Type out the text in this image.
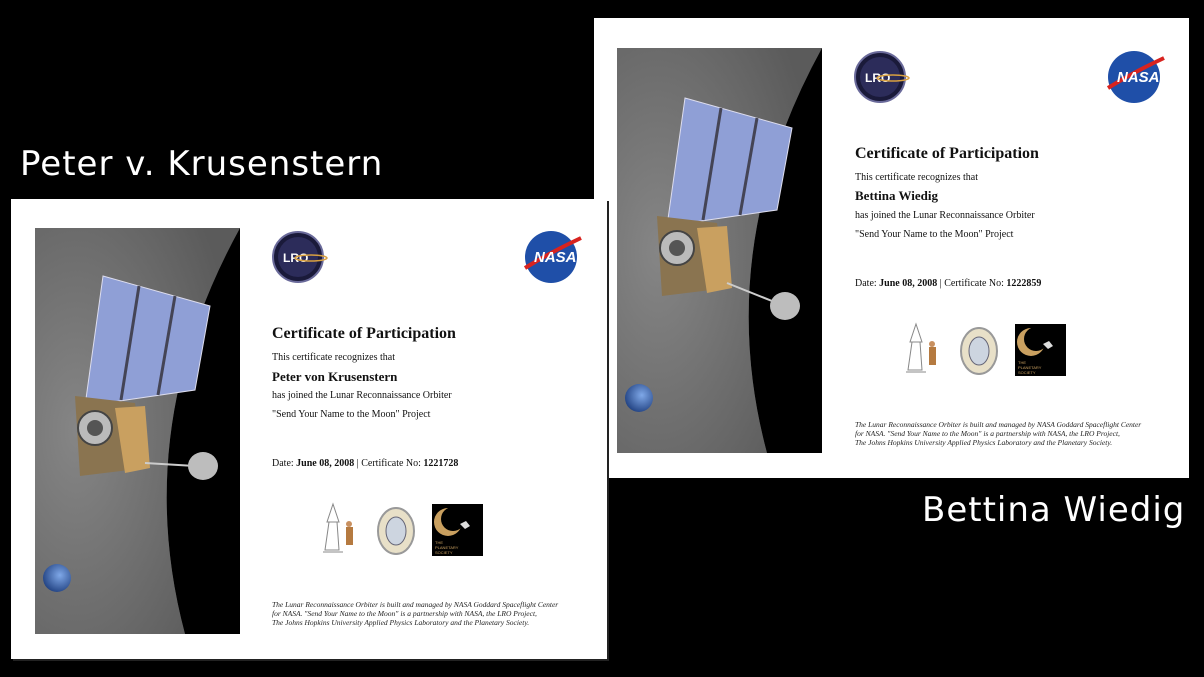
Peter v. Krusenstern
Bettina Wiedig
LRO	NASA
Certificate of Participation
This certificate recognizes that
Bettina Wiedig
has joined the Lunar Reconnaissance Orbiter
"Send Your Name to the Moon" Project
Date: June 08, 2008 | Certificate No: 1222859
THE PLANETARY SOCIETY
The Lunar Reconnaissance Orbiter is built and managed by NASA Goddard Spaceflight Center
for NASA. "Send Your Name to the Moon" is a partnership with NASA, the LRO Project,
The Johns Hopkins University Applied Physics Laboratory and the Planetary Society.
LRO	NASA
Certificate of Participation
This certificate recognizes that
Peter von Krusenstern
has joined the Lunar Reconnaissance Orbiter
"Send Your Name to the Moon" Project
Date: June 08, 2008 | Certificate No: 1221728
THE PLANETARY SOCIETY
The Lunar Reconnaissance Orbiter is built and managed by NASA Goddard Spaceflight Center
for NASA. "Send Your Name to the Moon" is a partnership with NASA, the LRO Project,
The Johns Hopkins University Applied Physics Laboratory and the Planetary Society.
